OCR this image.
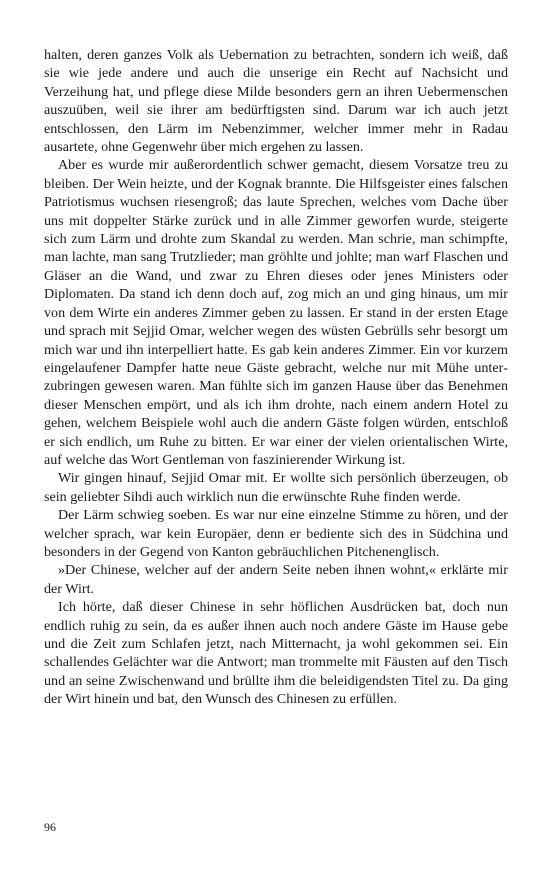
halten, deren ganzes Volk als Uebernation zu betrachten, sondern ich weiß, daß sie wie jede andere und auch die unserige ein Recht auf Nachsicht und Verzeihung hat, und pflege diese Milde besonders gern an ihren Uebermenschen auszuüben, weil sie ihrer am bedürftigsten sind. Darum war ich auch jetzt entschlossen, den Lärm im Nebenzimmer, welcher immer mehr in Radau ausartete, ohne Gegenwehr über mich ergehen zu lassen.

Aber es wurde mir außerordentlich schwer gemacht, diesem Vorsatze treu zu bleiben. Der Wein heizte, und der Kognak brannte. Die Hilfsgeister eines falschen Patriotismus wuchsen riesengroß; das laute Sprechen, welches vom Dache über uns mit doppelter Stärke zurück und in alle Zimmer geworfen wurde, steigerte sich zum Lärm und drohte zum Skandal zu werden. Man schrie, man schimpfte, man lachte, man sang Trutzlieder; man gröhlte und johlte; man warf Flaschen und Gläser an die Wand, und zwar zu Ehren dieses oder jenes Ministers oder Diplomaten. Da stand ich denn doch auf, zog mich an und ging hinaus, um mir von dem Wirte ein anderes Zimmer geben zu lassen. Er stand in der ersten Etage und sprach mit Sejjid Omar, welcher wegen des wüsten Gebrülls sehr besorgt um mich war und ihn interpelliert hatte. Es gab kein anderes Zimmer. Ein vor kurzem eingelaufener Dampfer hatte neue Gäste gebracht, welche nur mit Mühe unterzubringen gewesen waren. Man fühlte sich im ganzen Hause über das Benehmen dieser Menschen empört, und als ich ihm drohte, nach einem andern Hotel zu gehen, welchem Beispiele wohl auch die andern Gäste folgen würden, entschloß er sich endlich, um Ruhe zu bitten. Er war einer der vielen orientalischen Wirte, auf welche das Wort Gentleman von faszinierender Wirkung ist.

Wir gingen hinauf, Sejjid Omar mit. Er wollte sich persönlich überzeugen, ob sein geliebter Sihdi auch wirklich nun die erwünschte Ruhe finden werde.

Der Lärm schwieg soeben. Es war nur eine einzelne Stimme zu hören, und der welcher sprach, war kein Europäer, denn er bediente sich des in Südchina und besonders in der Gegend von Kanton gebräuchlichen Pitchenenglisch.

»Der Chinese, welcher auf der andern Seite neben ihnen wohnt,« erklärte mir der Wirt.

Ich hörte, daß dieser Chinese in sehr höflichen Ausdrücken bat, doch nun endlich ruhig zu sein, da es außer ihnen auch noch andere Gäste im Hause gebe und die Zeit zum Schlafen jetzt, nach Mitternacht, ja wohl gekommen sei. Ein schallendes Gelächter war die Antwort; man trommelte mit Fäusten auf den Tisch und an seine Zwischenwand und brüllte ihm die beleidigendsten Titel zu. Da ging der Wirt hinein und bat, den Wunsch des Chinesen zu erfüllen.

96
